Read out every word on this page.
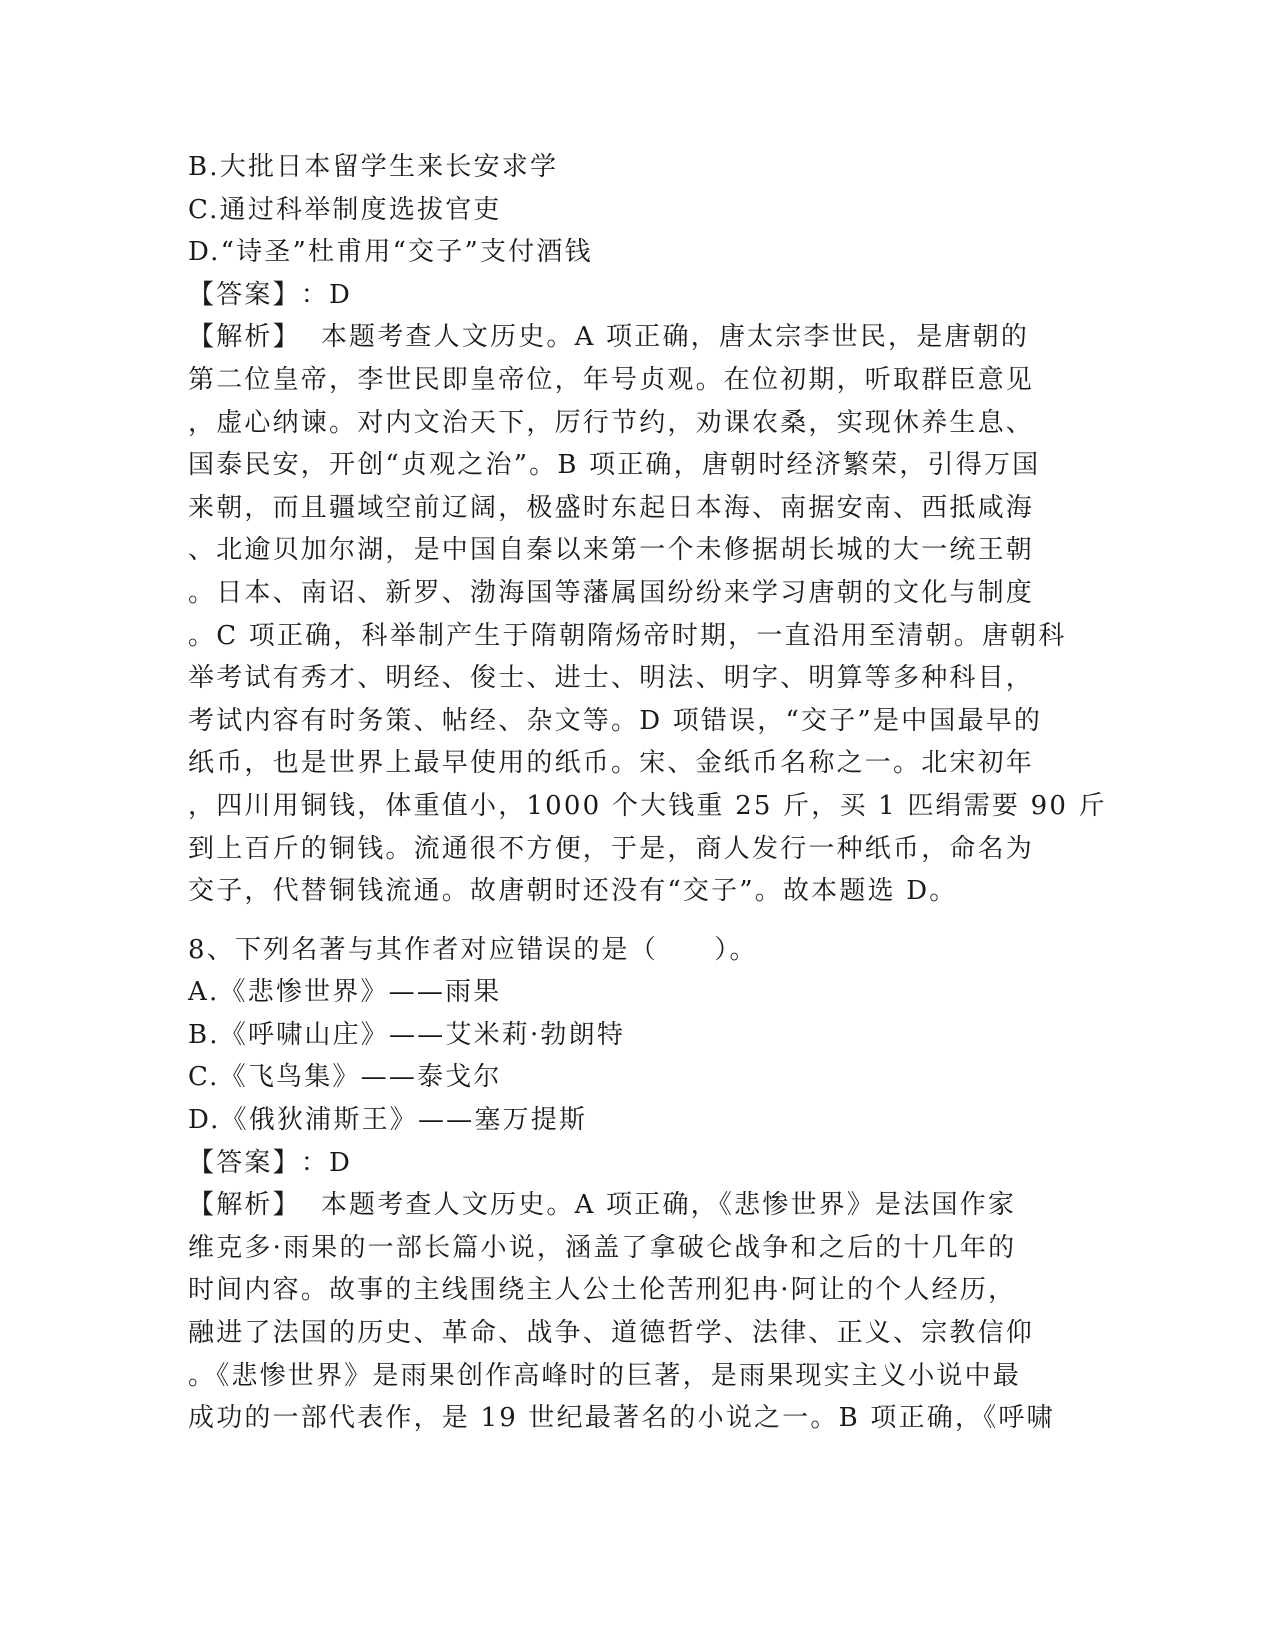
B.大批日本留学生来长安求学
C.通过科举制度选拔官吏
D.“诗圣”杜甫用“交子”支付酒钱
【答案】：D
【解析】 本题考查人文历史。A 项正确，唐太宗李世民，是唐朝的
第二位皇帝，李世民即皇帝位，年号贞观。在位初期，听取群臣意见
，虚心纳谏。对内文治天下，厉行节约，劝课农桑，实现休养生息、
国泰民安，开创“贞观之治”。B 项正确，唐朝时经济繁荣，引得万国
来朝，而且疆域空前辽阔，极盛时东起日本海、南据安南、西抵咸海
、北逾贝加尔湖，是中国自秦以来第一个未修据胡长城的大一统王朝
。日本、南诏、新罗、渤海国等藩属国纷纷来学习唐朝的文化与制度
。C 项正确，科举制产生于隋朝隋炀帝时期，一直沿用至清朝。唐朝科
举考试有秀才、明经、俊士、进士、明法、明字、明算等多种科目，
考试内容有时务策、帖经、杂文等。D 项错误，“交子”是中国最早的
纸币，也是世界上最早使用的纸币。宋、金纸币名称之一。北宋初年
，四川用铜钱，体重值小，1000 个大钱重 25 斤，买 1 匹绢需要 90 斤
到上百斤的铜钱。流通很不方便，于是，商人发行一种纸币，命名为
交子，代替铜钱流通。故唐朝时还没有“交子”。故本题选 D。
8、下列名著与其作者对应错误的是（　　）。
A.《悲惨世界》——雨果
B.《呼啸山庄》——艾米莉·勃朗特
C.《飞鸟集》——泰戈尔
D.《俄狄浦斯王》——塞万提斯
【答案】：D
【解析】 本题考查人文历史。A 项正确，《悲惨世界》是法国作家
维克多·雨果的一部长篇小说，涵盖了拿破仑战争和之后的十几年的
时间内容。故事的主线围绕主人公土伦苦刑犯冉·阿让的个人经历，
融进了法国的历史、革命、战争、道德哲学、法律、正义、宗教信仰
。《悲惨世界》是雨果创作高峰时的巨著，是雨果现实主义小说中最
成功的一部代表作，是 19 世纪最著名的小说之一。B 项正确，《呼啸
